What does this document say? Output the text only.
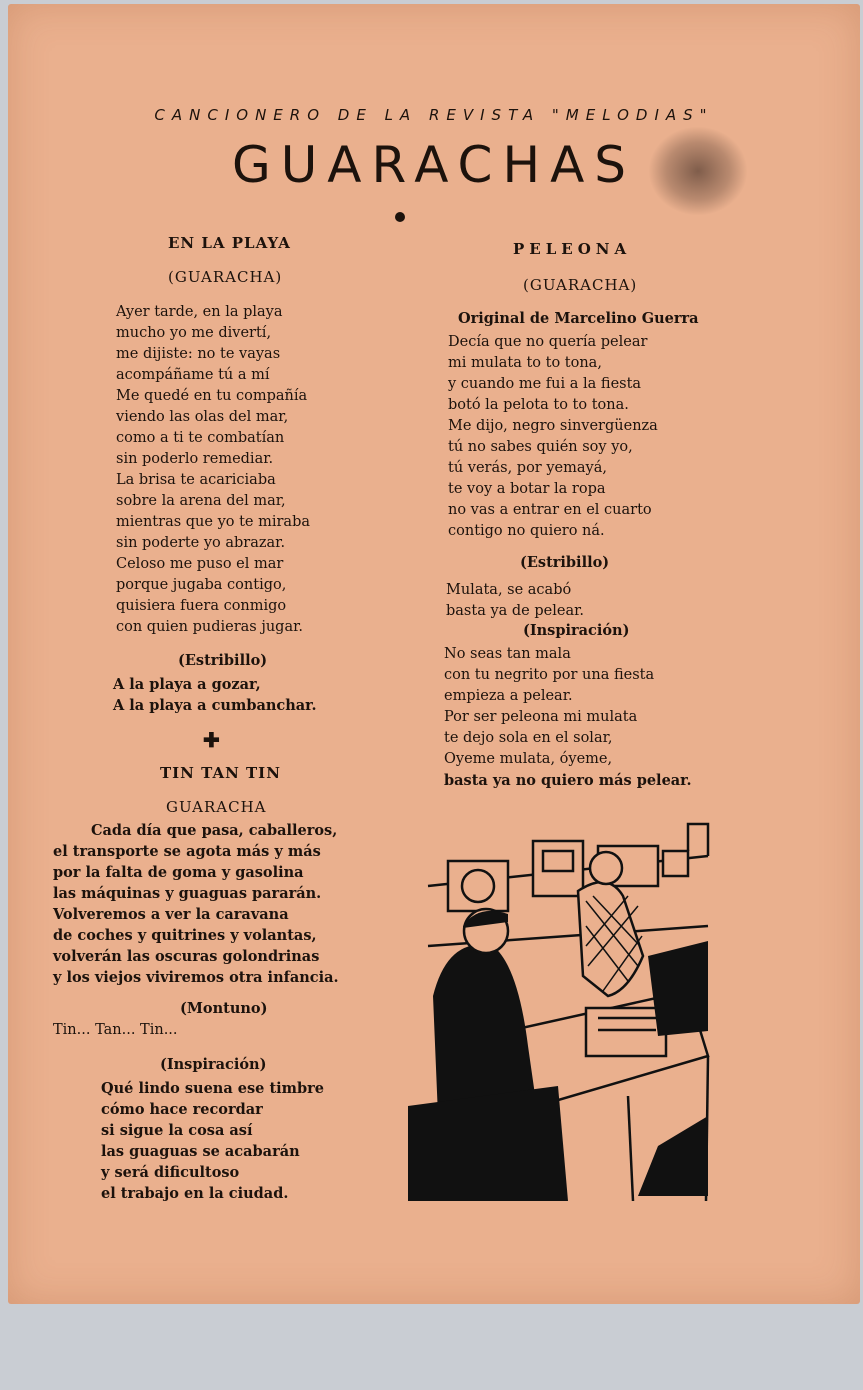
CANCIONERO DE LA REVISTA "MELODIAS"
GUARACHAS
EN LA PLAYA
(GUARACHA)
Ayer tarde, en la playa
mucho yo me divertí,
me dijiste: no te vayas
acompáñame tú a mí
Me quedé en tu compañía
viendo las olas del mar,
como a ti te combatían
sin poderlo remediar.
La brisa te acariciaba
sobre la arena del mar,
mientras que yo te miraba
sin poderte yo abrazar.
Celoso me puso el mar
porque jugaba contigo,
quisiera fuera conmigo
con quien pudieras jugar.
(Estribillo)
A la playa a gozar,
A la playa a cumbanchar.
✚
TIN TAN TIN
GUARACHA
Cada día que pasa, caballeros,
el transporte se agota más y más
por la falta de goma y gasolina
las máquinas y guaguas pararán.
Volveremos a ver la caravana
de coches y quitrines y volantas,
volverán las oscuras golondrinas
y los viejos viviremos otra infancia.
(Montuno)
Tin... Tan... Tin...
(Inspiración)
Qué lindo suena ese timbre
cómo hace recordar
si sigue la cosa así
las guaguas se acabarán
y será dificultoso
el trabajo en la ciudad.
PELEONA
(GUARACHA)
Original de Marcelino Guerra
Decía que no quería pelear
mi mulata to to tona,
y cuando me fui a la fiesta
botó la pelota to to tona.
Me dijo, negro sinvergüenza
tú no sabes quién soy yo,
tú verás, por yemayá,
te voy a botar la ropa
no vas a entrar en el cuarto
contigo no quiero ná.
(Estribillo)
Mulata, se acabó
basta ya de pelear.
(Inspiración)
No seas tan mala
con tu negrito por una fiesta
empieza a pelear.
Por ser peleona mi mulata
te dejo sola en el solar,
Oyeme mulata, óyeme,
basta ya no quiero más pelear.
